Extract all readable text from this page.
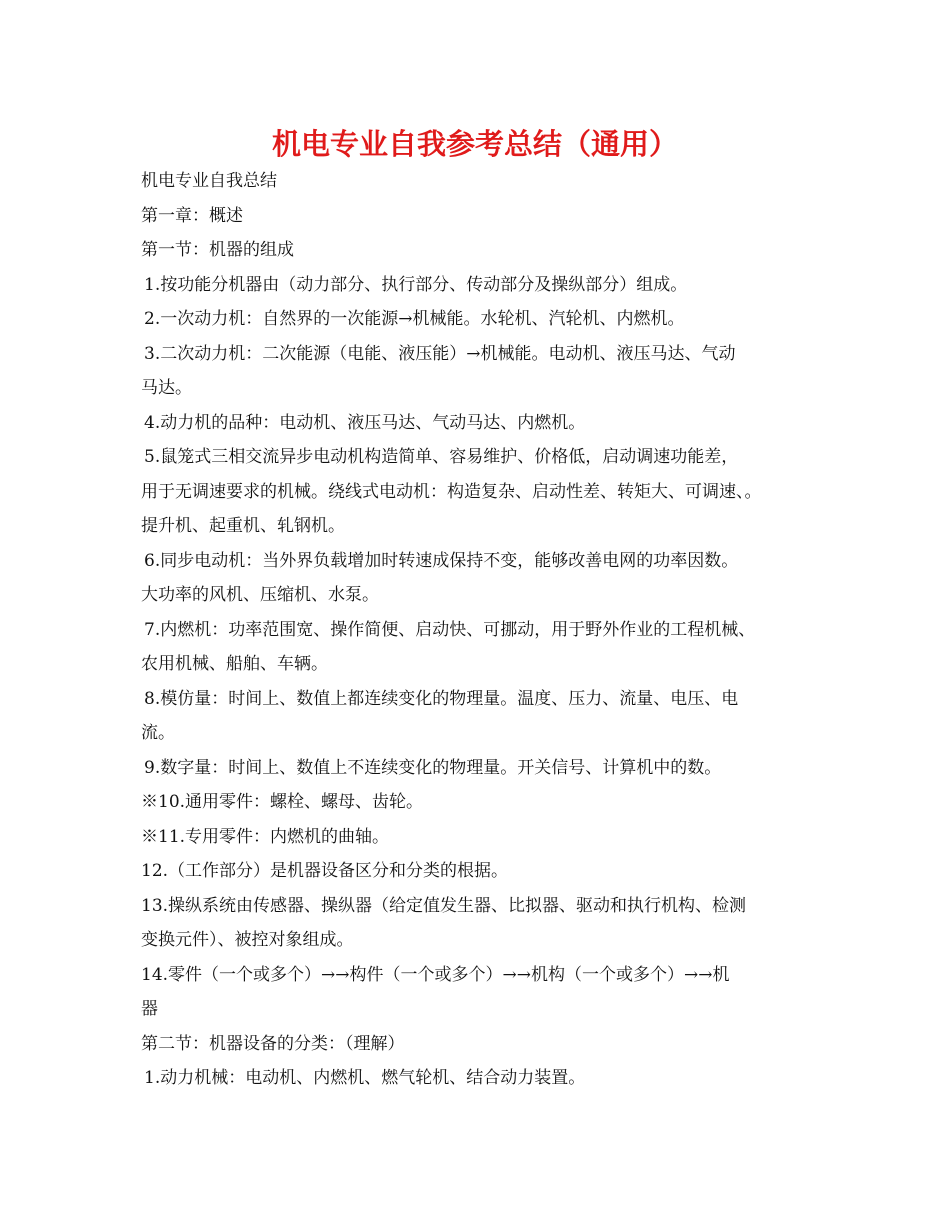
机电专业自我参考总结（通用）
机电专业自我总结
第一章：概述
第一节：机器的组成
1.按功能分机器由（动力部分、执行部分、传动部分及操纵部分）组成。
2.一次动力机：自然界的一次能源→机械能。水轮机、汽轮机、内燃机。
3.二次动力机：二次能源（电能、液压能）→机械能。电动机、液压马达、气动
马达。
4.动力机的品种：电动机、液压马达、气动马达、内燃机。
5.鼠笼式三相交流异步电动机构造简单、容易维护、价格低，启动调速功能差，
用于无调速要求的机械。绕线式电动机：构造复杂、启动性差、转矩大、可调速、。
提升机、起重机、轧钢机。
6.同步电动机：当外界负载增加时转速成保持不变，能够改善电网的功率因数。
大功率的风机、压缩机、水泵。
7.内燃机：功率范围宽、操作简便、启动快、可挪动，用于野外作业的工程机械、
农用机械、船舶、车辆。
8.模仿量：时间上、数值上都连续变化的物理量。温度、压力、流量、电压、电
流。
9.数字量：时间上、数值上不连续变化的物理量。开关信号、计算机中的数。
※10.通用零件：螺栓、螺母、齿轮。
※11.专用零件：内燃机的曲轴。
12.（工作部分）是机器设备区分和分类的根据。
13.操纵系统由传感器、操纵器（给定值发生器、比拟器、驱动和执行机构、检测
变换元件）、被控对象组成。
14.零件（一个或多个）→→构件（一个或多个）→→机构（一个或多个）→→机
器
第二节：机器设备的分类：（理解）
1.动力机械：电动机、内燃机、燃气轮机、结合动力装置。
